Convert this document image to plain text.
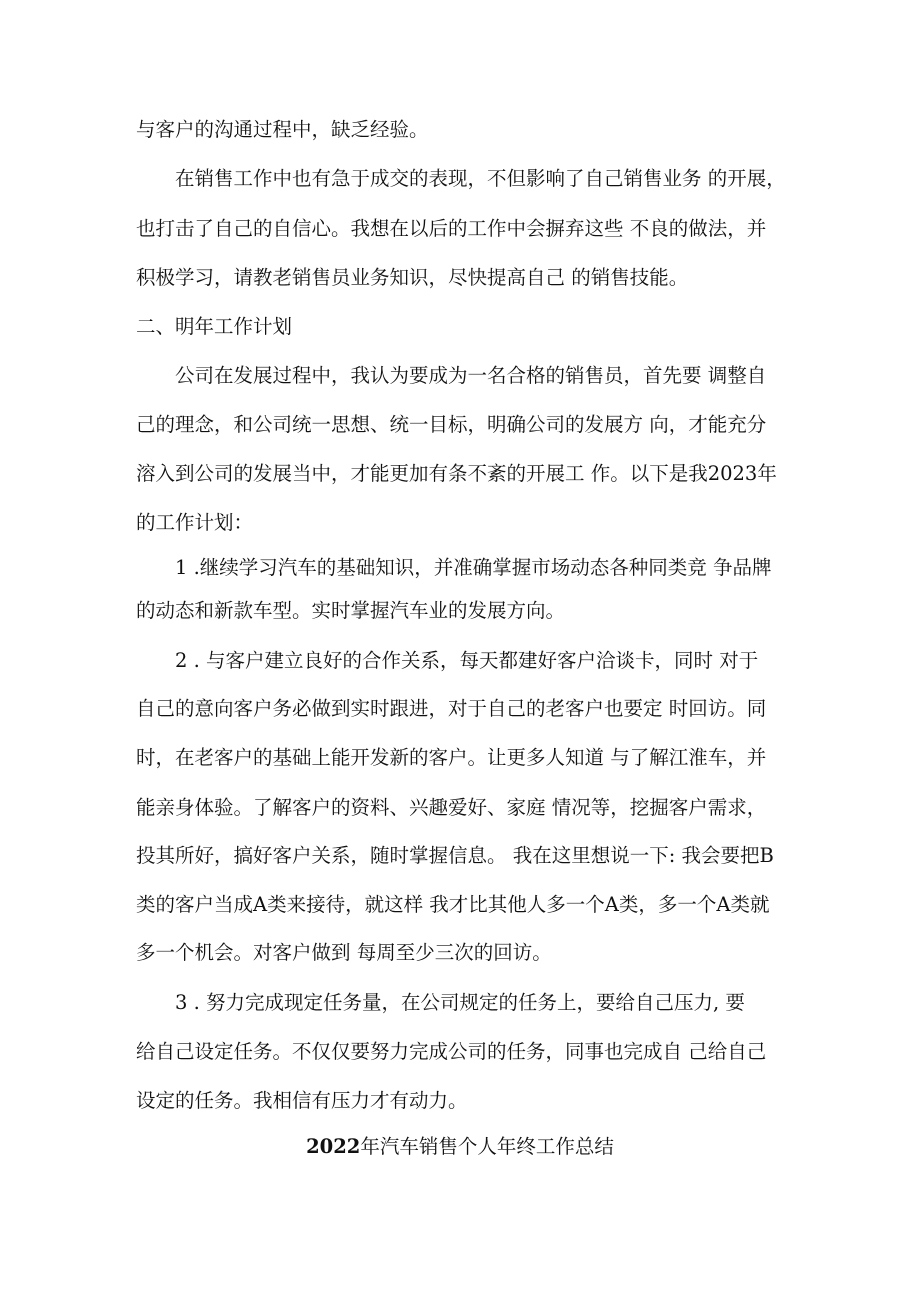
与客户的沟通过程中，缺乏经验。
　　在销售工作中也有急于成交的表现，不但影响了自己销售业务 的开展，
也打击了自己的自信心。我想在以后的工作中会摒弃这些 不良的做法，并
积极学习，请教老销售员业务知识，尽快提高自己 的销售技能。
二、明年工作计划
　　公司在发展过程中，我认为要成为一名合格的销售员，首先要 调整自
己的理念，和公司统一思想、统一目标，明确公司的发展方 向，才能充分
溶入到公司的发展当中，才能更加有条不紊的开展工 作。以下是我2023年
的工作计划：
　　1 .继续学习汽车的基础知识，并准确掌握市场动态各种同类竞 争品牌
的动态和新款车型。实时掌握汽车业的发展方向。
　　2 . 与客户建立良好的合作关系，每天都建好客户洽谈卡，同时 对于
自己的意向客户务必做到实时跟进，对于自己的老客户也要定 时回访。同
时，在老客户的基础上能开发新的客户。让更多人知道 与了解江淮车，并
能亲身体验。了解客户的资料、兴趣爱好、家庭 情况等，挖掘客户需求，
投其所好，搞好客户关系，随时掌握信息。 我在这里想说一下: 我会要把B
类的客户当成A类来接待，就这样 我才比其他人多一个A类，多一个A类就
多一个机会。对客户做到 每周至少三次的回访。
　　3 . 努力完成现定任务量，在公司规定的任务上，要给自己压力, 要
给自己设定任务。不仅仅要努力完成公司的任务，同事也完成自 己给自己
设定的任务。我相信有压力才有动力。
2022年汽车销售个人年终工作总结
